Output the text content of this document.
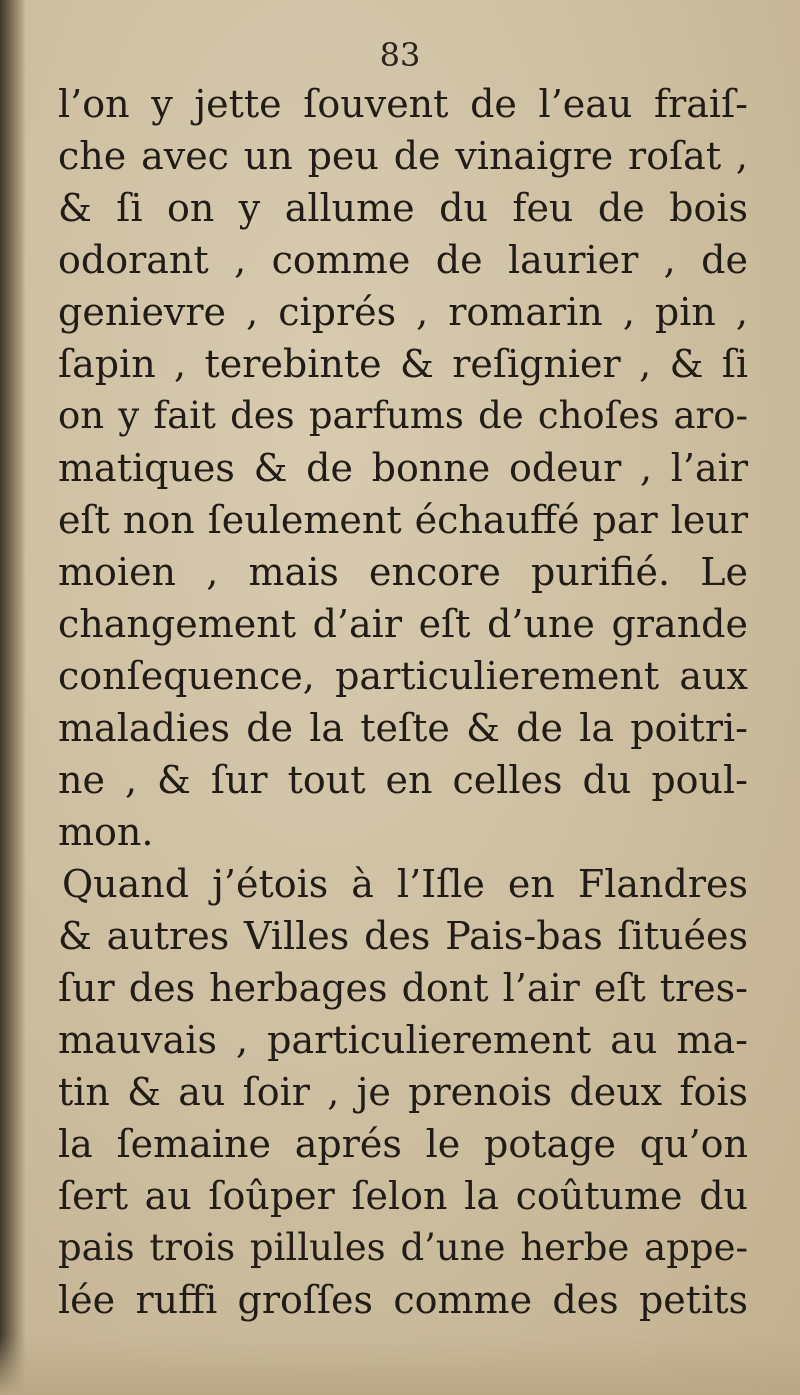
83
l’on y jette ſouvent de l’eau fraiſ-
che avec un peu de vinaigre roſat ,
& ſi on y allume du feu de bois
odorant , comme de laurier , de
genievre , ciprés , romarin , pin ,
ſapin , terebinte & reſignier , & ſi
on y fait des parfums de choſes aro-
matiques & de bonne odeur , l’air
eſt non ſeulement échauffé par leur
moien , mais encore purifié. Le
changement d’air eſt d’une grande
conſequence, particulierement aux
maladies de la teſte & de la poitri-
ne , & ſur tout en celles du poul-
mon.
Quand j’étois à l’Iſle en Flandres
& autres Villes des Pais-bas ſituées
ſur des herbages dont l’air eſt tres-
mauvais , particulierement au ma-
tin & au ſoir , je prenois deux fois
la ſemaine aprés le potage qu’on
ſert au ſoûper ſelon la coûtume du
pais trois pillules d’une herbe appe-
lée ruffi groſſes comme des petits
